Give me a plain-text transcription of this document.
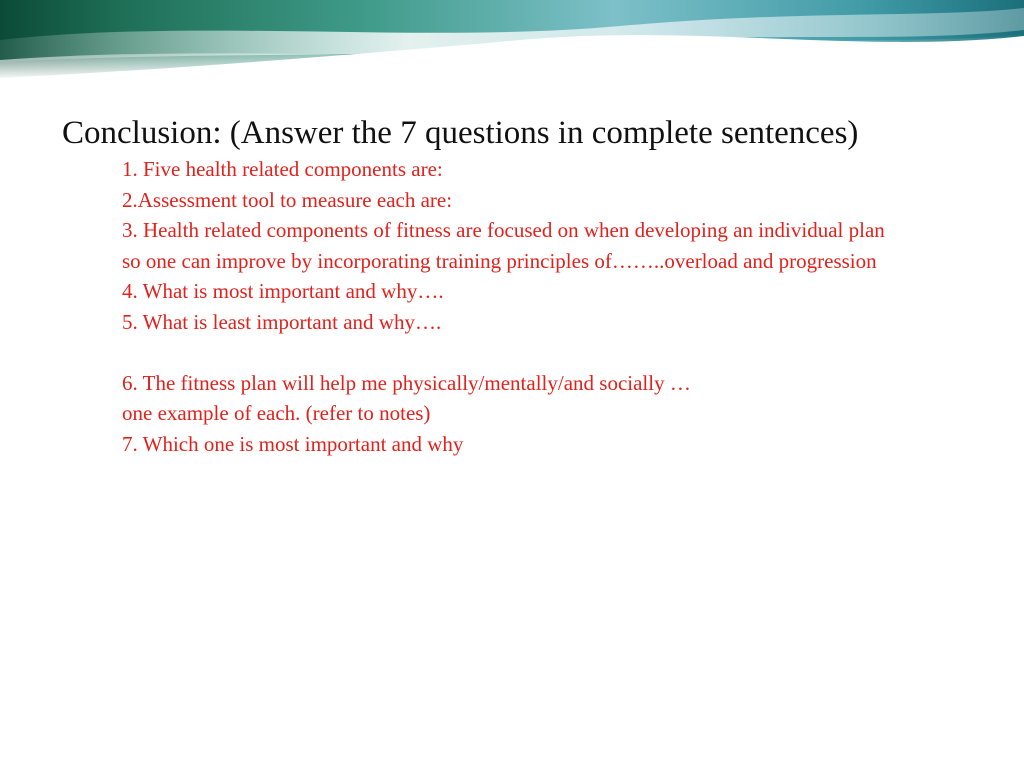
Conclusion: (Answer the 7 questions in complete sentences)

1. Five health related components are:
2.Assessment tool to measure each are:
3. Health related components of fitness are focused on when developing an individual plan
so one can improve by incorporating training principles of……..overload and progression
4. What is most important and why….
5. What is least important and why….
6. The fitness plan will help me physically/mentally/and socially …
one example of each. (refer to notes)
7. Which one is most important and why
